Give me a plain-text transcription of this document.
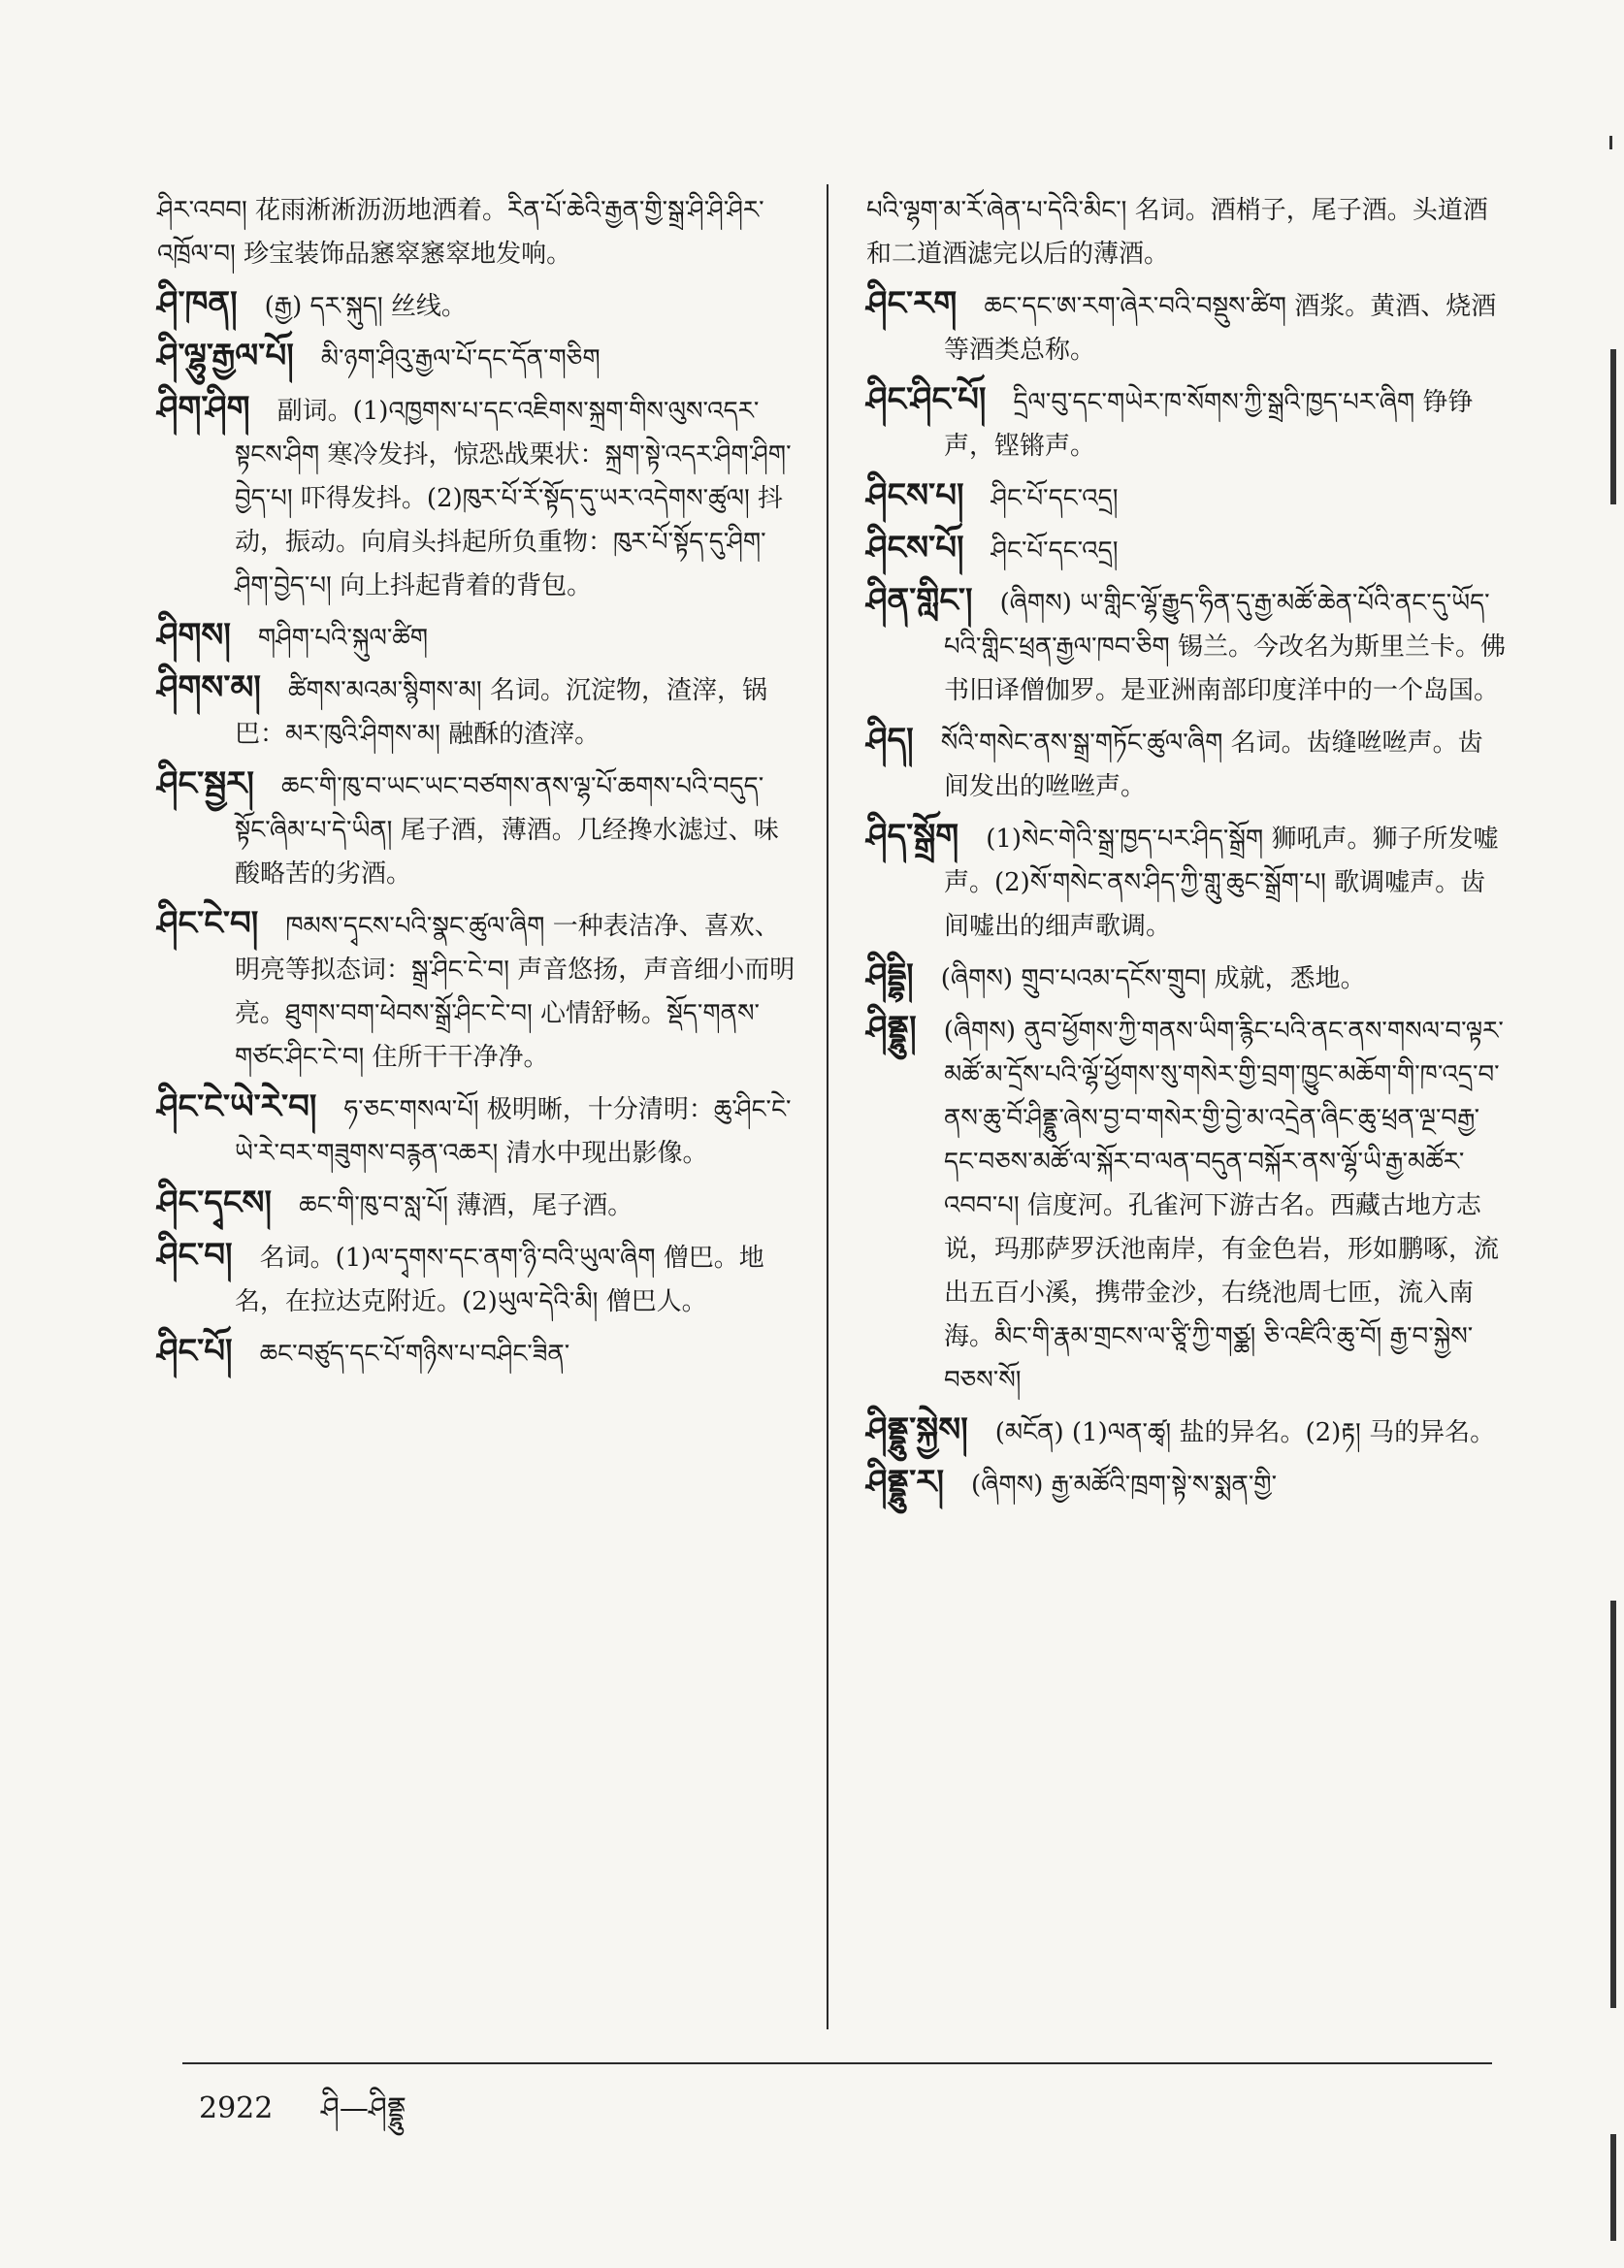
ཤིར་འབབ། 花雨淅淅沥沥地洒着。རིན་པོ་ཆེའི་རྒྱན་གྱི་སྒྲ་ཤི་ཤི་ཤིར་འཁྲོལ་བ། 珍宝装饰品窸窣窸窣地发响。
ཤི་ཁན། (རྒྱ) དར་སྐུད། 丝线。
ཤི་ལྷུ་རྒྱལ་པོ། མི་ཉག་ཤིའུ་རྒྱལ་པོ་དང་དོན་གཅིག
ཤིག་ཤིག 副词。(1)འཁྱགས་པ་དང་འཇིགས་སྐྲག་གིས་ལུས་འདར་སྟངས་ཤིག 寒冷发抖，惊恐战栗状：སྐྲག་སྟེ་འདར་ཤིག་ཤིག་བྱེད་པ། 吓得发抖。(2)ཁུར་པོ་རོ་སྟོད་དུ་ཡར་འདེགས་ཚུལ། 抖动，振动。向肩头抖起所负重物：ཁུར་པོ་སྟོད་དུ་ཤིག་ཤིག་བྱེད་པ། 向上抖起背着的背包。
ཤིགས། གཤིག་པའི་སྐུལ་ཚིག
ཤིགས་མ། ཚིགས་མའམ་སྙིགས་མ། 名词。沉淀物，渣滓，锅巴：མར་ཁུའི་ཤིགས་མ། 融酥的渣滓。
ཤིང་སྦྱར། ཆང་གི་ཁུ་བ་ཡང་ཡང་བཙགས་ནས་ལྷ་པོ་ཆགས་པའི་བདུད་སྟོང་ཞིམ་པ་དེ་ཡིན། 尾子酒，薄酒。几经搀水滤过、味酸略苦的劣酒。
ཤིང་ངེ་བ། ཁམས་དྭངས་པའི་སྣང་ཚུལ་ཞིག 一种表洁净、喜欢、明亮等拟态词：སྒྲ་ཤིང་ངེ་བ། 声音悠扬，声音细小而明亮。ཐུགས་བག་ཕེབས་སྒྲོ་ཤིང་ངེ་བ། 心情舒畅。སྡོད་གནས་གཙང་ཤིང་ངེ་བ། 住所干干净净。
ཤིང་ངེ་ཡེ་རེ་བ། ཧ་ཅང་གསལ་པོ། 极明晰，十分清明：ཆུ་ཤིང་ངེ་ཡེ་རེ་བར་གཟུགས་བརྙན་འཆར། 清水中现出影像。
ཤིང་དྭངས། ཆང་གི་ཁུ་བ་སླ་པོ། 薄酒，尾子酒。
ཤིང་བ། 名词。(1)ལ་དྭགས་དང་ནག་ཉི་བའི་ཡུལ་ཞིག 僧巴。地名，在拉达克附近。(2)ཡུལ་དེའི་མི། 僧巴人。
ཤིང་པོ། ཆང་བཙུད་དང་པོ་གཉིས་པ་བཤིང་ཟིན་
པའི་ལྷག་མ་རོ་ཞེན་པ་དེའི་མིང་། 名词。酒梢子，尾子酒。头道酒和二道酒滤完以后的薄酒。
ཤིང་རག ཆང་དང་ཨ་རག་ཞེར་བའི་བསྡུས་ཚིག 酒浆。黄酒、烧酒等酒类总称。
ཤིང་ཤིང་པོ། དྲིལ་བུ་དང་གཡེར་ཁ་སོགས་ཀྱི་སྒྲའི་ཁྱད་པར་ཞིག 铮铮声，铿锵声。
ཤིངས་པ། ཤིང་པོ་དང་འདྲ།
ཤིངས་པོ། ཤིང་པོ་དང་འདྲ།
ཤིན་གླིང་། (ཞིགས) ཡ་གླིང་ལྷོ་རྒྱུད་ཧིན་དུ་རྒྱ་མཚོ་ཆེན་པོའི་ནང་དུ་ཡོད་པའི་གླིང་ཕྲན་རྒྱལ་ཁབ་ཅིག 锡兰。今改名为斯里兰卡。佛书旧译僧伽罗。是亚洲南部印度洋中的一个岛国。
ཤིད། སོའི་གསེང་ནས་སྒྲ་གཏོང་ཚུལ་ཞིག 名词。齿缝咝咝声。齿间发出的咝咝声。
ཤིད་སྒྲོག (1)སེང་གེའི་སྒྲ་ཁྱད་པར་ཤིད་སྒྲོག 狮吼声。狮子所发嘘声。(2)སོ་གསེང་ནས་ཤིད་ཀྱི་གླུ་ཆུང་སྒྲོག་པ། 歌调嘘声。齿间嘘出的细声歌调。
ཤིདྡྷི། (ཞིགས) གྲུབ་པའམ་དངོས་གྲུབ། 成就，悉地。
ཤིནྡྷུ། (ཞིགས) ནུབ་ཕྱོགས་ཀྱི་གནས་ཡིག་རྙིང་པའི་ནང་ནས་གསལ་བ་ལྟར་མཚོ་མ་དྲོས་པའི་ལྷོ་ཕྱོགས་སུ་གསེར་གྱི་བྲག་ཁྱུང་མཆོག་གི་ཁ་འདྲ་བ་ནས་ཆུ་བོ་ཤིནྡྷུ་ཞེས་བྱ་བ་གསེར་གྱི་བྱེ་མ་འདྲེན་ཞིང་ཆུ་ཕྲན་ལྔ་བརྒྱ་དང་བཅས་མཚོ་ལ་སྐོར་བ་ལན་བདུན་བསྐོར་ནས་ལྷོ་ཡི་རྒྱ་མཚོར་འབབ་པ། 信度河。孔雀河下游古名。西藏古地方志说，玛那萨罗沃池南岸，有金色岩，形如鹏啄，流出五百小溪，携带金沙，右绕池周七匝，流入南海。མིང་གི་རྣམ་གྲངས་ལ་ཙཱི་ཀྱི་གཙྪ། ཅི་འཛིའི་ཆུ་བོ། རྒྱ་བ་སྐྱེས་བཅས་སོ།
ཤིནྡྷུ་སྐྱེས། (མངོན) (1)ལན་ཚྭ། 盐的异名。(2)རྟ། 马的异名。
ཤིནྡྷུ་ར། (ཞིགས) རྒྱ་མཚོའི་ཁྲག་སྟེ་ས་སྨན་གྱི་
2922 ཤི—ཤིནྡྷུ
